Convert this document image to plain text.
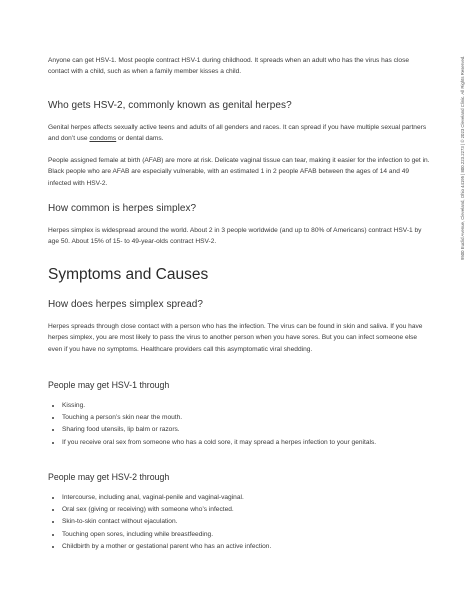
Anyone can get HSV-1. Most people contract HSV-1 during childhood. It spreads when an adult who has the virus has close contact with a child, such as when a family member kisses a child.

Who gets HSV-2, commonly known as genital herpes?

Genital herpes affects sexually active teens and adults of all genders and races. It can spread if you have multiple sexual partners and don’t use condoms or dental dams.

People assigned female at birth (AFAB) are more at risk. Delicate vaginal tissue can tear, making it easier for the infection to get in. Black people who are AFAB are especially vulnerable, with an estimated 1 in 2 people AFAB between the ages of 14 and 49 infected with HSV-2.

How common is herpes simplex?

Herpes simplex is widespread around the world. About 2 in 3 people worldwide (and up to 80% of Americans) contract HSV-1 by age 50. About 15% of 15- to 49-year-olds contract HSV-2.

Symptoms and Causes
How does herpes simplex spread?

Herpes spreads through close contact with a person who has the infection. The virus can be found in skin and saliva. If you have herpes simplex, you are most likely to pass the virus to another person when you have sores. But you can infect someone else even if you have no symptoms. Healthcare providers call this asymptomatic viral shedding.

People may get HSV-1 through
• Kissing.
• Touching a person’s skin near the mouth.
• Sharing food utensils, lip balm or razors.
• If you receive oral sex from someone who has a cold sore, it may spread a herpes infection to your genitals.
People may get HSV-2 through
• Intercourse, including anal, vaginal-penile and vaginal-vaginal.
• Oral sex (giving or receiving) with someone who’s infected.
• Skin-to-skin contact without ejaculation.
• Touching open sores, including while breastfeeding.
• Childbirth by a mother or gestational parent who has an active infection.
9500 Euclid Avenue, Cleveland, Ohio 44195 | 800.223.2273 | © 2023 Cleveland Clinic. All Rights Reserved.
